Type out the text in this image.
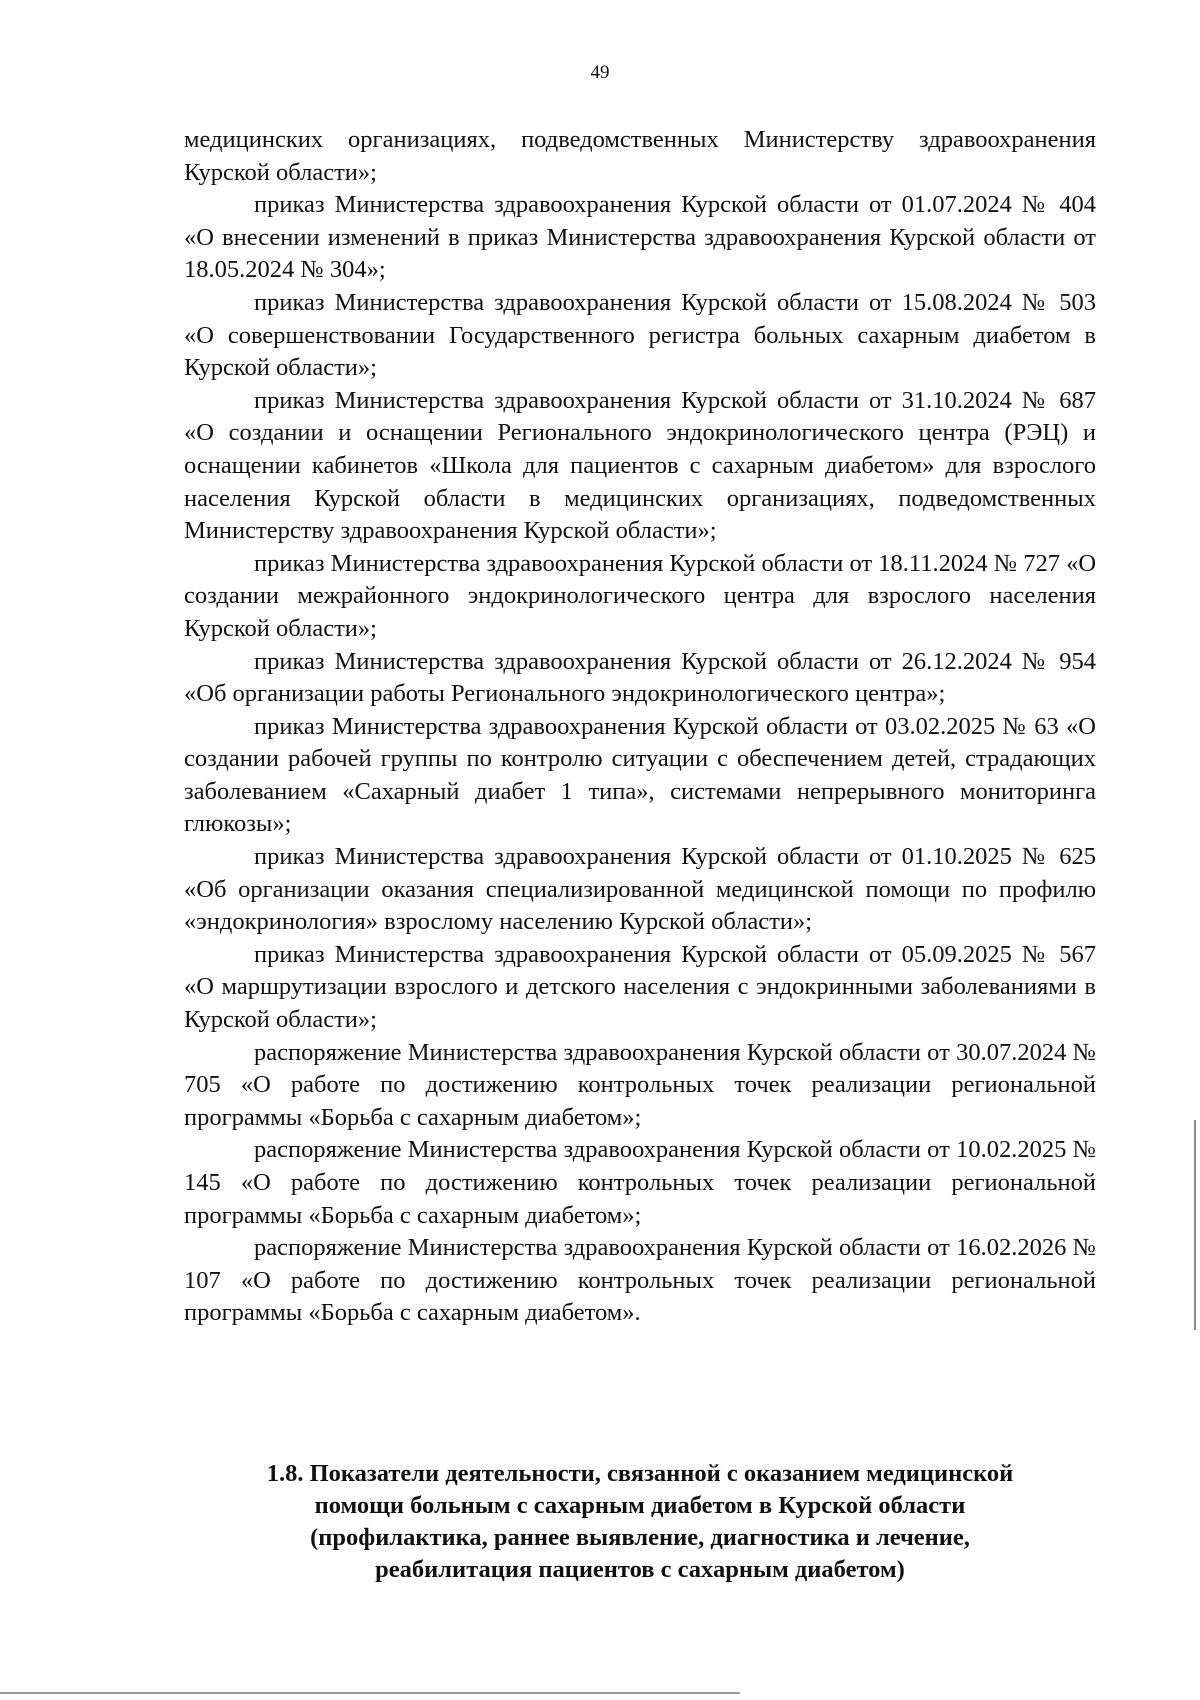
49

медицинских организациях, подведомственных Министерству здравоохранения Курской области»;

приказ Министерства здравоохранения Курской области от 01.07.2024 № 404 «О внесении изменений в приказ Министерства здравоохранения Курской области от 18.05.2024 № 304»;

приказ Министерства здравоохранения Курской области от 15.08.2024 № 503 «О совершенствовании Государственного регистра больных сахарным диабетом в Курской области»;

приказ Министерства здравоохранения Курской области от 31.10.2024 № 687 «О создании и оснащении Регионального эндокринологического центра (РЭЦ) и оснащении кабинетов «Школа для пациентов с сахарным диабетом» для взрослого населения Курской области в медицинских организациях, подведомственных Министерству здравоохранения Курской области»;

приказ Министерства здравоохранения Курской области от 18.11.2024 № 727 «О создании межрайонного эндокринологического центра для взрослого населения Курской области»;

приказ Министерства здравоохранения Курской области от 26.12.2024 № 954 «Об организации работы Регионального эндокринологического центра»;

приказ Министерства здравоохранения Курской области от 03.02.2025 № 63 «О создании рабочей группы по контролю ситуации с обеспечением детей, страдающих заболеванием «Сахарный диабет 1 типа», системами непрерывного мониторинга глюкозы»;

приказ Министерства здравоохранения Курской области от 01.10.2025 № 625 «Об организации оказания специализированной медицинской помощи по профилю «эндокринология» взрослому населению Курской области»;

приказ Министерства здравоохранения Курской области от 05.09.2025 № 567 «О маршрутизации взрослого и детского населения с эндокринными заболеваниями в Курской области»;

распоряжение Министерства здравоохранения Курской области от 30.07.2024 № 705 «О работе по достижению контрольных точек реализации региональной программы «Борьба с сахарным диабетом»;

распоряжение Министерства здравоохранения Курской области от 10.02.2025 № 145 «О работе по достижению контрольных точек реализации региональной программы «Борьба с сахарным диабетом»;

распоряжение Министерства здравоохранения Курской области от 16.02.2026 № 107 «О работе по достижению контрольных точек реализации региональной программы «Борьба с сахарным диабетом».

1.8. Показатели деятельности, связанной с оказанием медицинской
помощи больным с сахарным диабетом в Курской области
(профилактика, раннее выявление, диагностика и лечение,
реабилитация пациентов с сахарным диабетом)
